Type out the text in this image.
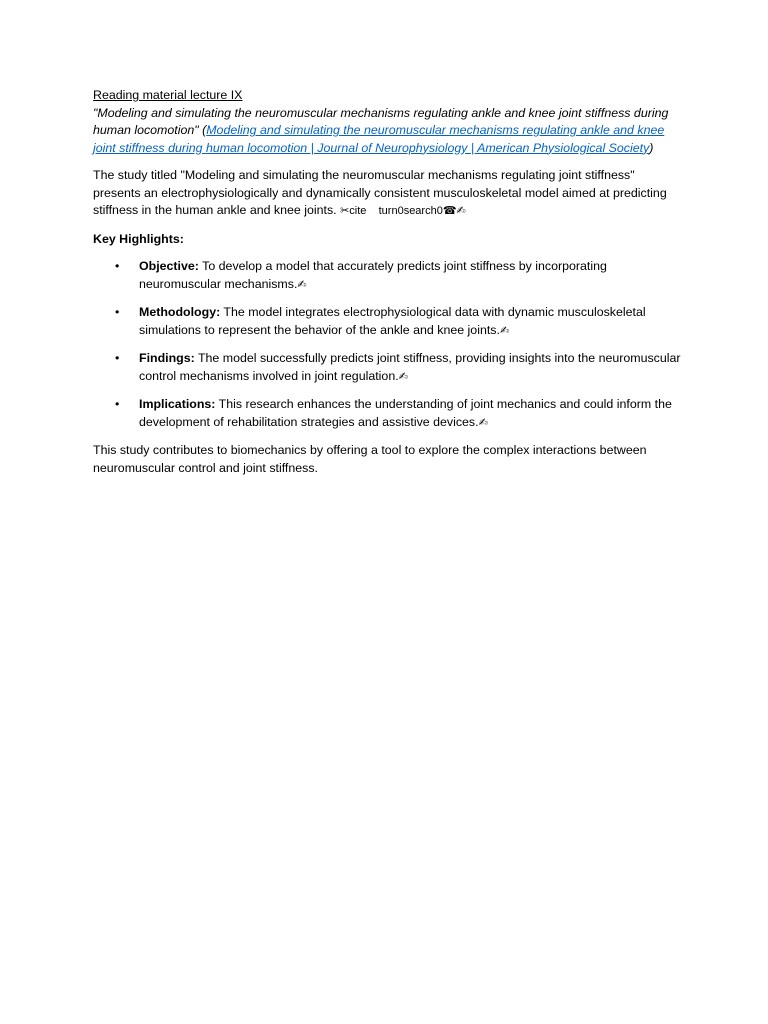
Reading material lecture IX

"Modeling and simulating the neuromuscular mechanisms regulating ankle and knee joint stiffness during human locomotion" (Modeling and simulating the neuromuscular mechanisms regulating ankle and knee joint stiffness during human locomotion | Journal of Neurophysiology | American Physiological Society)

The study titled "Modeling and simulating the neuromuscular mechanisms regulating joint stiffness" presents an electrophysiologically and dynamically consistent musculoskeletal model aimed at predicting stiffness in the human ankle and knee joints. ✂cite    turn0search0☎✍

Key Highlights:

• Objective: To develop a model that accurately predicts joint stiffness by incorporating neuromuscular mechanisms.✍
• Methodology: The model integrates electrophysiological data with dynamic musculoskeletal simulations to represent the behavior of the ankle and knee joints.✍
• Findings: The model successfully predicts joint stiffness, providing insights into the neuromuscular control mechanisms involved in joint regulation.✍
• Implications: This research enhances the understanding of joint mechanics and could inform the development of rehabilitation strategies and assistive devices.✍

This study contributes to biomechanics by offering a tool to explore the complex interactions between neuromuscular control and joint stiffness.
